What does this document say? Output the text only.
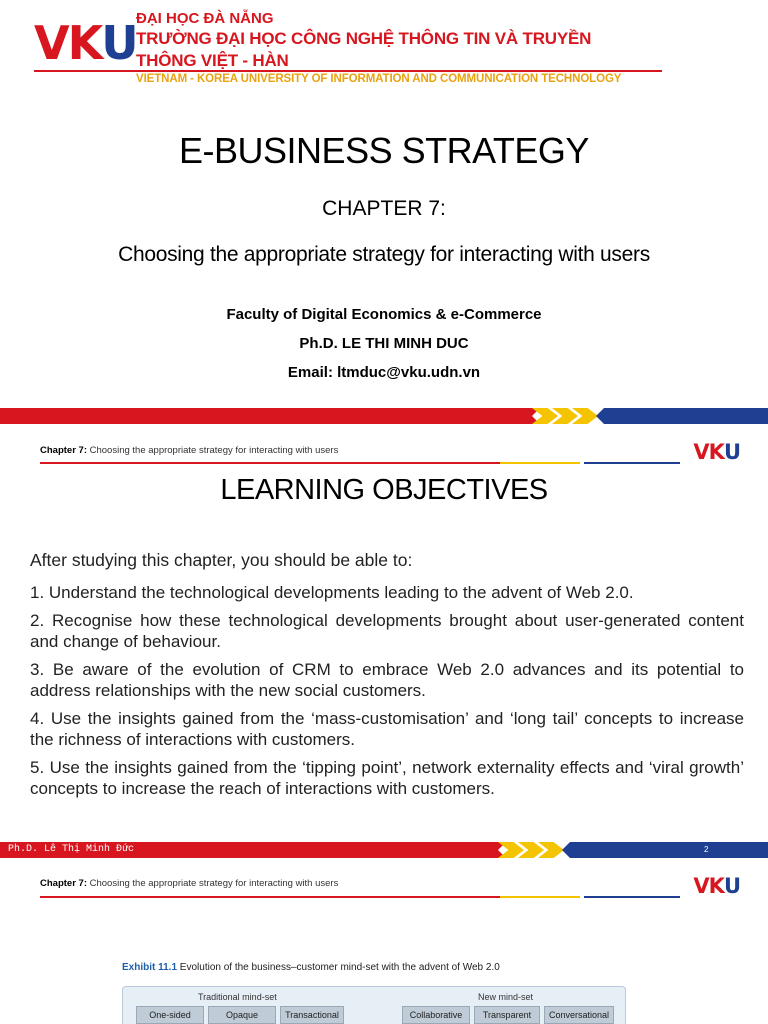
V K U ĐẠI HỌC ĐÀ NẴNG
TRƯỜNG ĐẠI HỌC CÔNG NGHỆ THÔNG TIN VÀ TRUYỀN THÔNG VIỆT - HÀN
VIETNAM - KOREA UNIVERSITY OF INFORMATION AND COMMUNICATION TECHNOLOGY
E-BUSINESS STRATEGY
CHAPTER 7:
Choosing the appropriate strategy for interacting with users
Faculty of Digital Economics & e-Commerce
Ph.D. LE THI MINH DUC
Email: ltmduc@vku.udn.vn
Chapter 7: Choosing the appropriate strategy for interacting with users	V K U
LEARNING OBJECTIVES
After studying this chapter, you should be able to:
1. Understand the technological developments leading to the advent of Web 2.0.
2. Recognise how these technological developments brought about user-generated content and change of behaviour.
3. Be aware of the evolution of CRM to embrace Web 2.0 advances and its potential to address relationships with the new social customers.
4. Use the insights gained from the ‘mass-customisation’ and ‘long tail’ concepts to increase the richness of interactions with customers.
5. Use the insights gained from the ‘tipping point’, network externality effects and ‘viral growth’ concepts to increase the reach of interactions with customers.
Ph.D. Lê Thị Minh Đức	2
Chapter 7: Choosing the appropriate strategy for interacting with users	V K U
Exhibit 11.1 Evolution of the business–customer mind-set with the advent of Web 2.0
Traditional mind-set	New mind-set
One-sided	Opaque	Transactional	Collaborative	Transparent	Conversational
